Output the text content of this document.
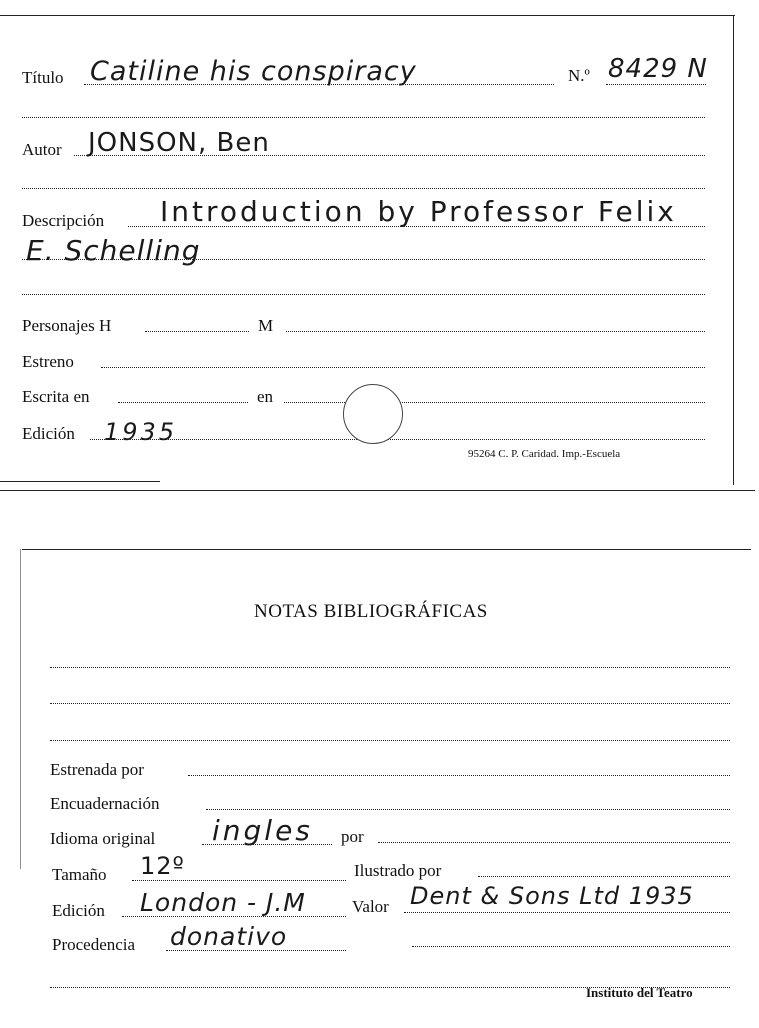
Título Catiline his conspiracy	N.º 8429 N
Autor JONSON, Ben
Descripción Introduction by Professor Felix
E. Schelling
Personajes H	M
Estreno
Escrita en	en
Edición 1935
95264 C. P. Caridad. Imp.-Escuela
NOTAS BIBLIOGRÁFICAS
Estrenada por
Encuadernación
Idioma original ingles por
Tamaño 12º	Ilustrado por
Edición London - J.M	Valor Dent & Sons Ltd 1935
Procedencia donativo
Instituto del Teatro
